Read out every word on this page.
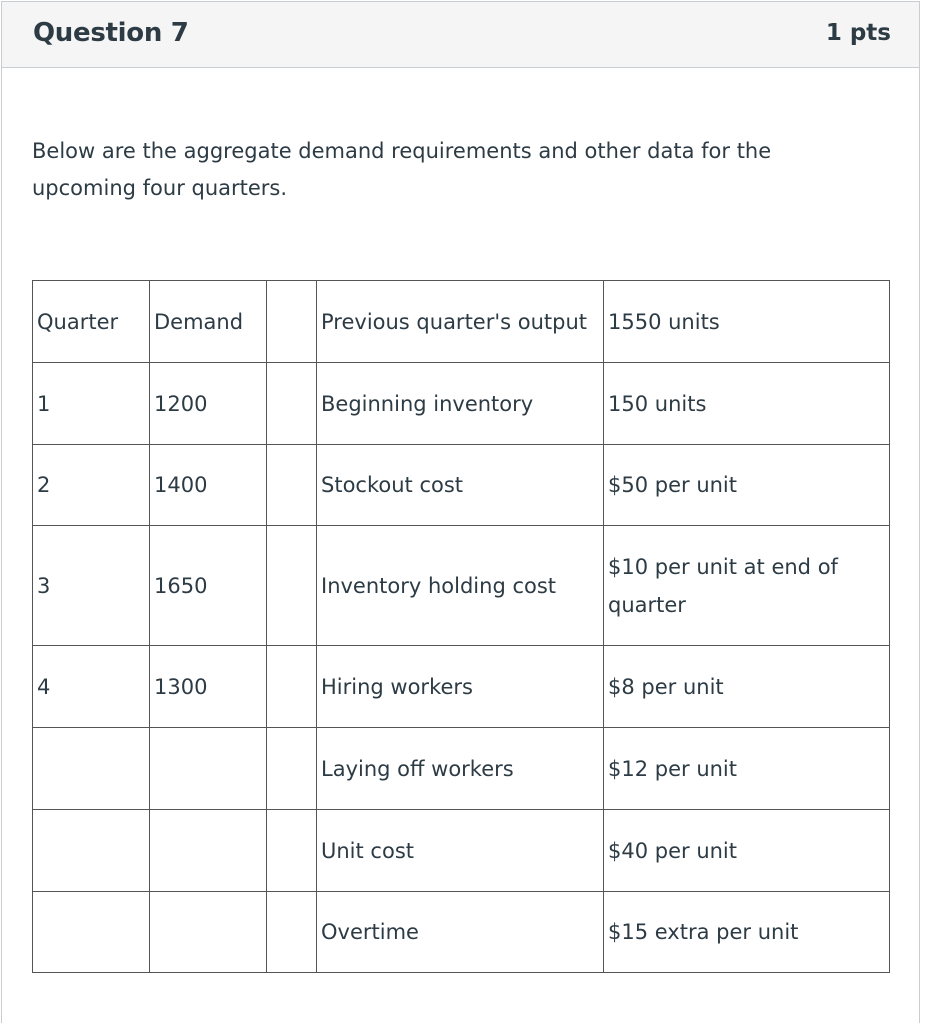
Question 7	1 pts
Below are the aggregate demand requirements and other data for the upcoming four quarters.
Quarter	Demand		Previous quarter's output	1550 units
1	1200		Beginning inventory	150 units
2	1400		Stockout cost	$50 per unit
3	1650		Inventory holding cost	$10 per unit at end of quarter
4	1300		Hiring workers	$8 per unit
			Laying off workers	$12 per unit
			Unit cost	$40 per unit
			Overtime	$15 extra per unit
